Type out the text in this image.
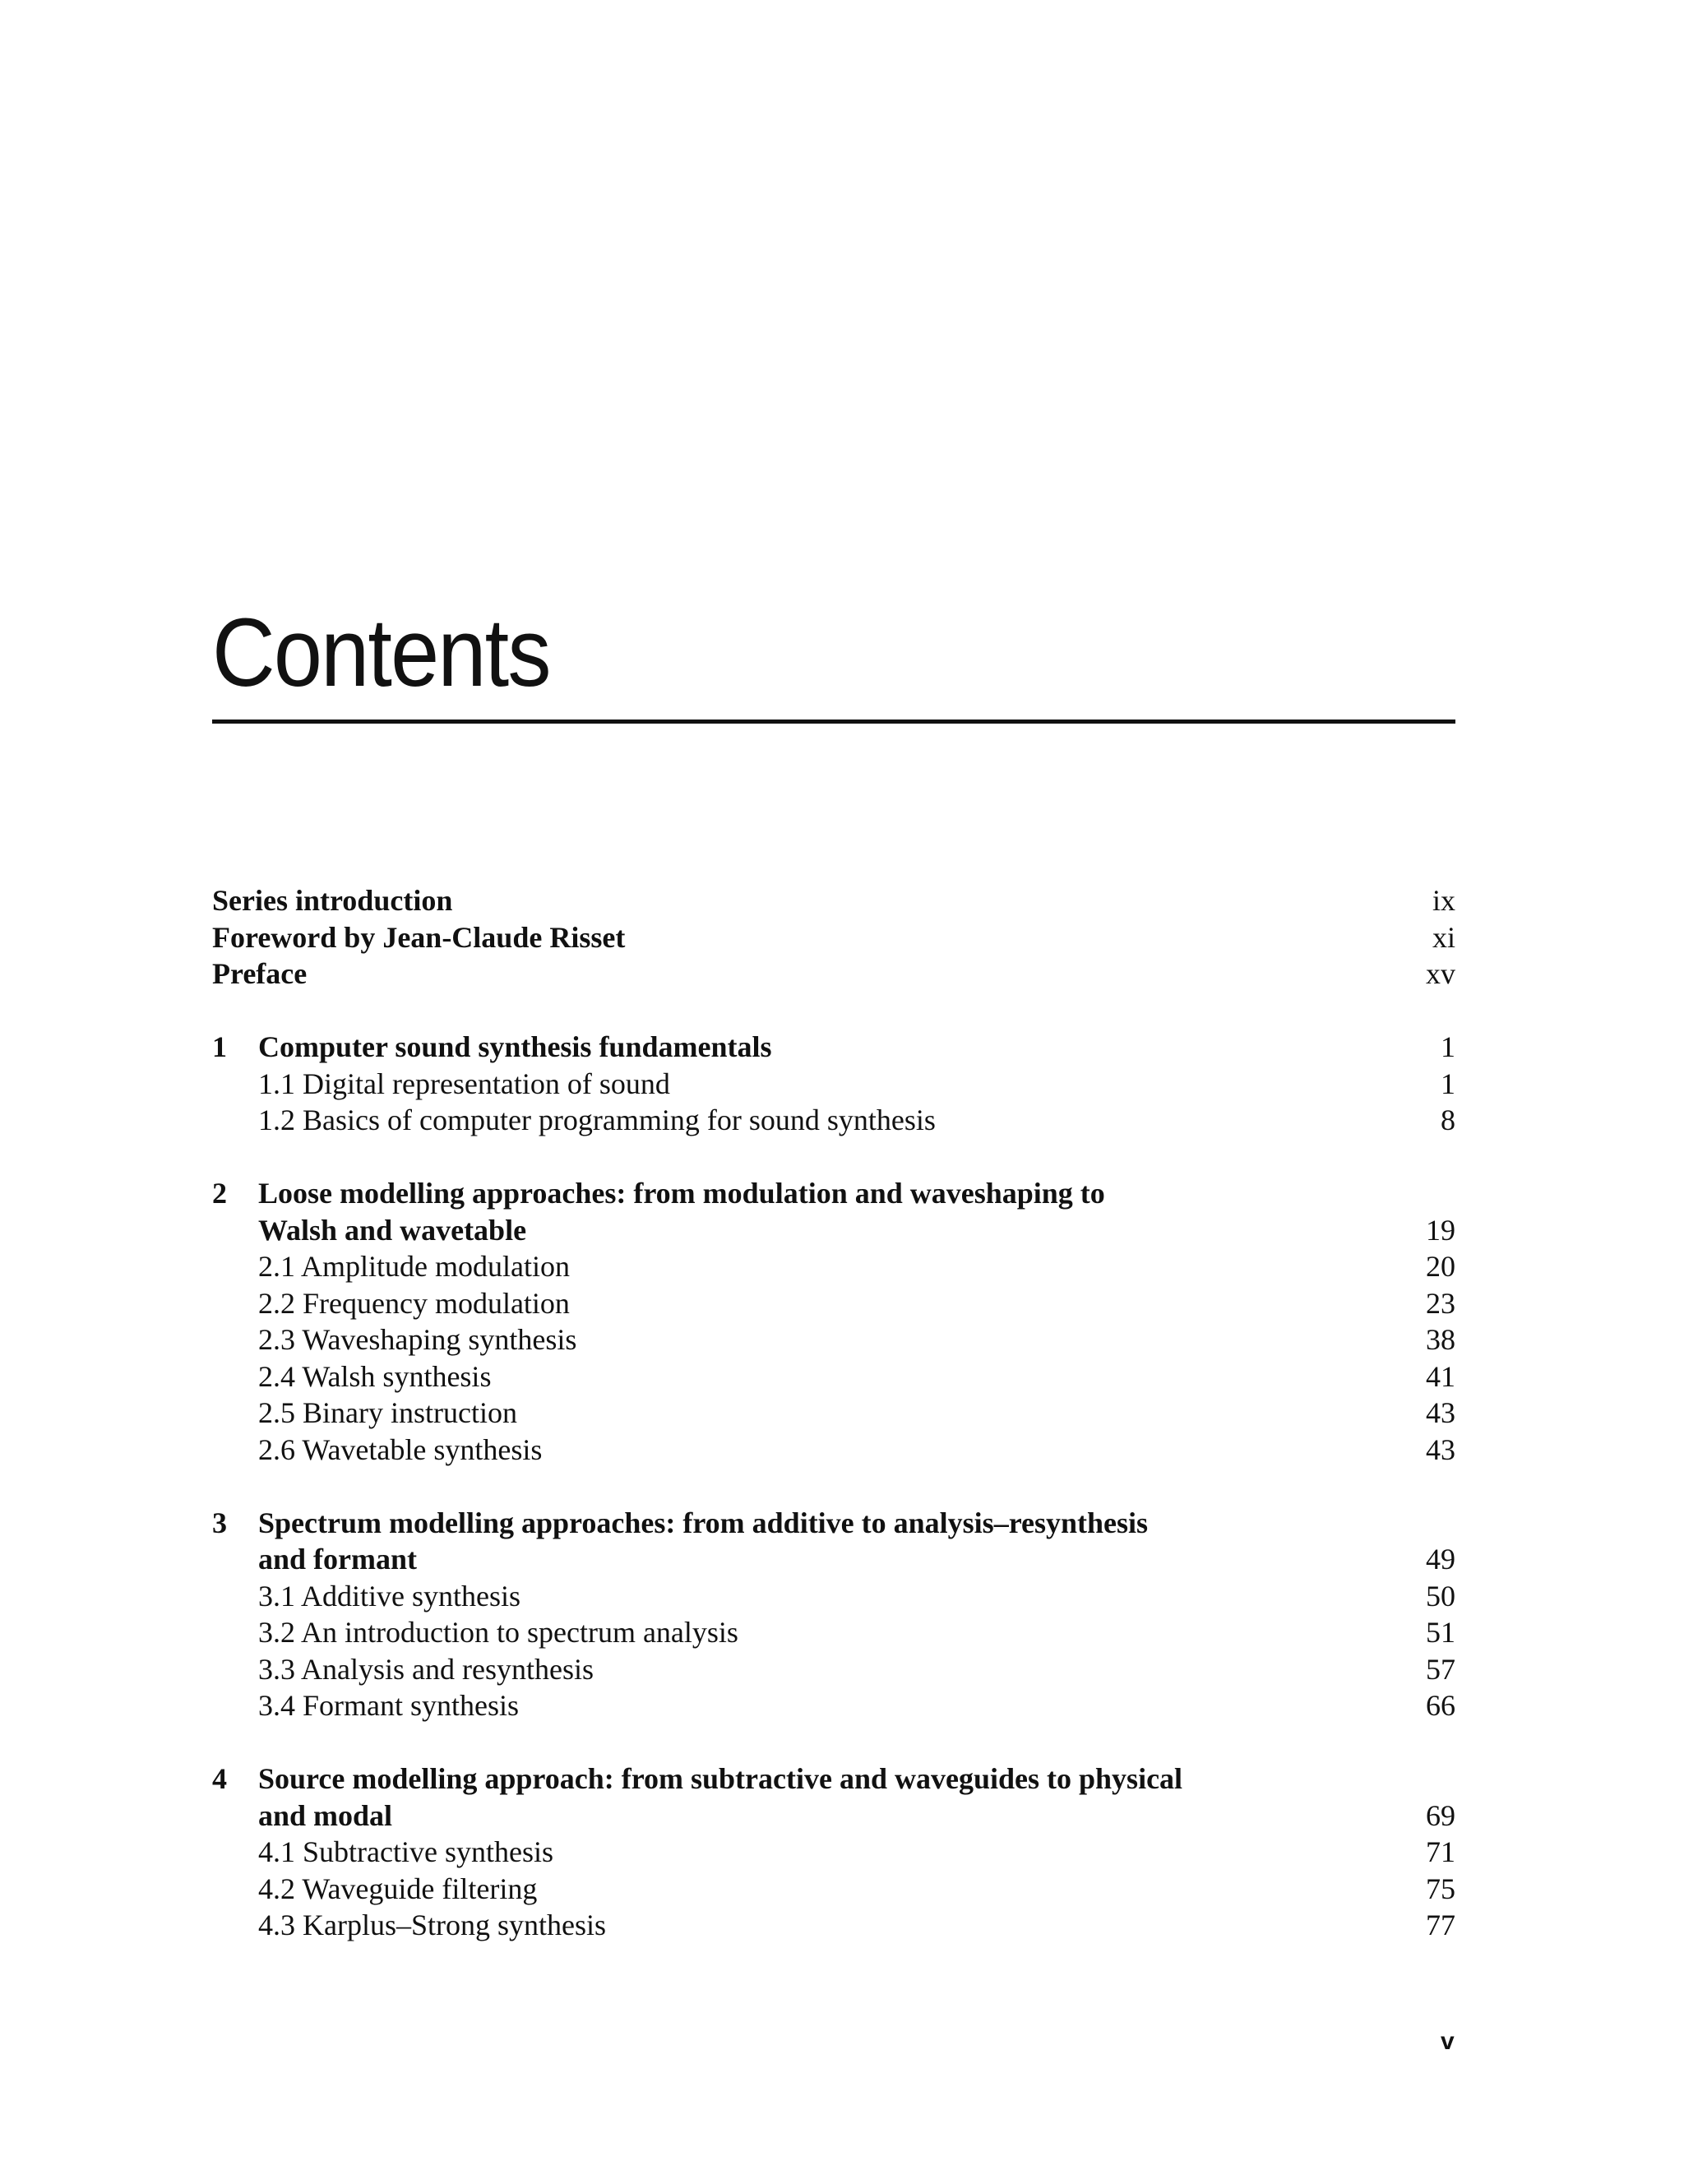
Contents
Series introduction	ix
Foreword by Jean-Claude Risset	xi
Preface	xv
1 Computer sound synthesis fundamentals	1
1.1 Digital representation of sound	1
1.2 Basics of computer programming for sound synthesis	8
2 Loose modelling approaches: from modulation and waveshaping to
Walsh and wavetable	19
2.1 Amplitude modulation	20
2.2 Frequency modulation	23
2.3 Waveshaping synthesis	38
2.4 Walsh synthesis	41
2.5 Binary instruction	43
2.6 Wavetable synthesis	43
3 Spectrum modelling approaches: from additive to analysis–resynthesis
and formant	49
3.1 Additive synthesis	50
3.2 An introduction to spectrum analysis	51
3.3 Analysis and resynthesis	57
3.4 Formant synthesis	66
4 Source modelling approach: from subtractive and waveguides to physical
and modal	69
4.1 Subtractive synthesis	71
4.2 Waveguide filtering	75
4.3 Karplus–Strong synthesis	77
v
